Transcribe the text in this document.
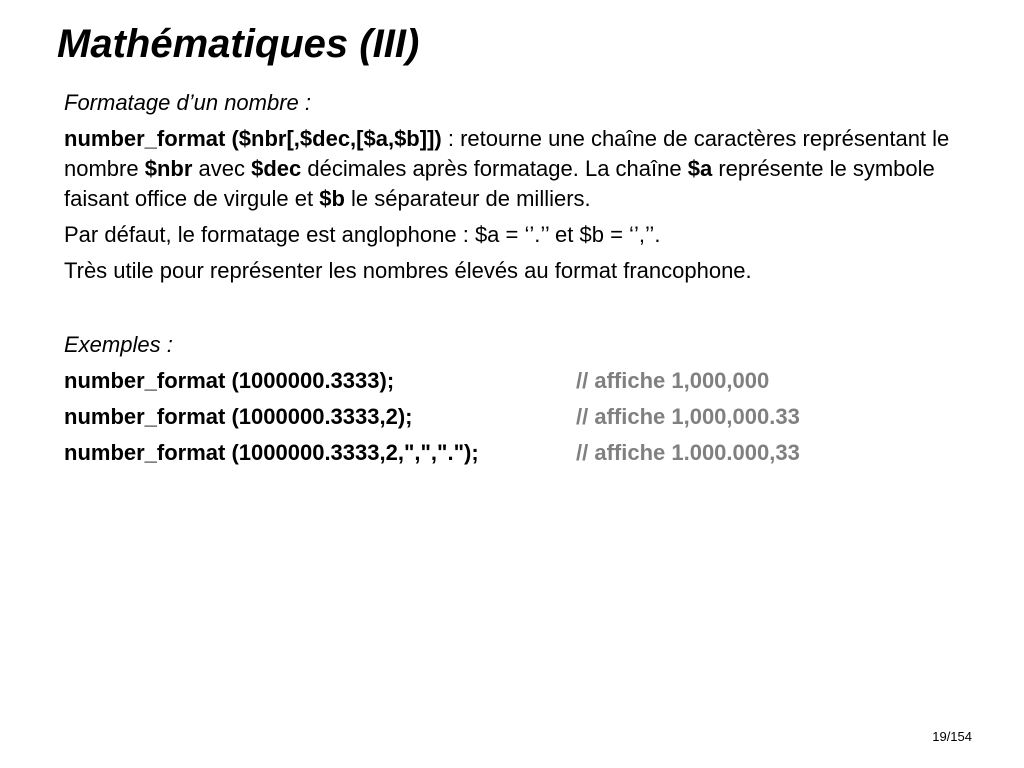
Mathématiques (III)

Formatage d’un nombre :

number_format ($nbr[,$dec,[$a,$b]]) : retourne une chaîne de caractères représentant le nombre $nbr avec $dec décimales après formatage. La chaîne $a représente le symbole faisant office de virgule et $b le séparateur de milliers.

Par défaut, le formatage est anglophone : $a = ‘’.’’ et $b = ‘’,’’.

Très utile pour représenter les nombres élevés au format francophone.

Exemples :

number_format (1000000.3333);	// affiche 1,000,000
number_format (1000000.3333,2);	// affiche 1,000,000.33
number_format (1000000.3333,2,",",".");	// affiche 1.000.000,33
19/154
